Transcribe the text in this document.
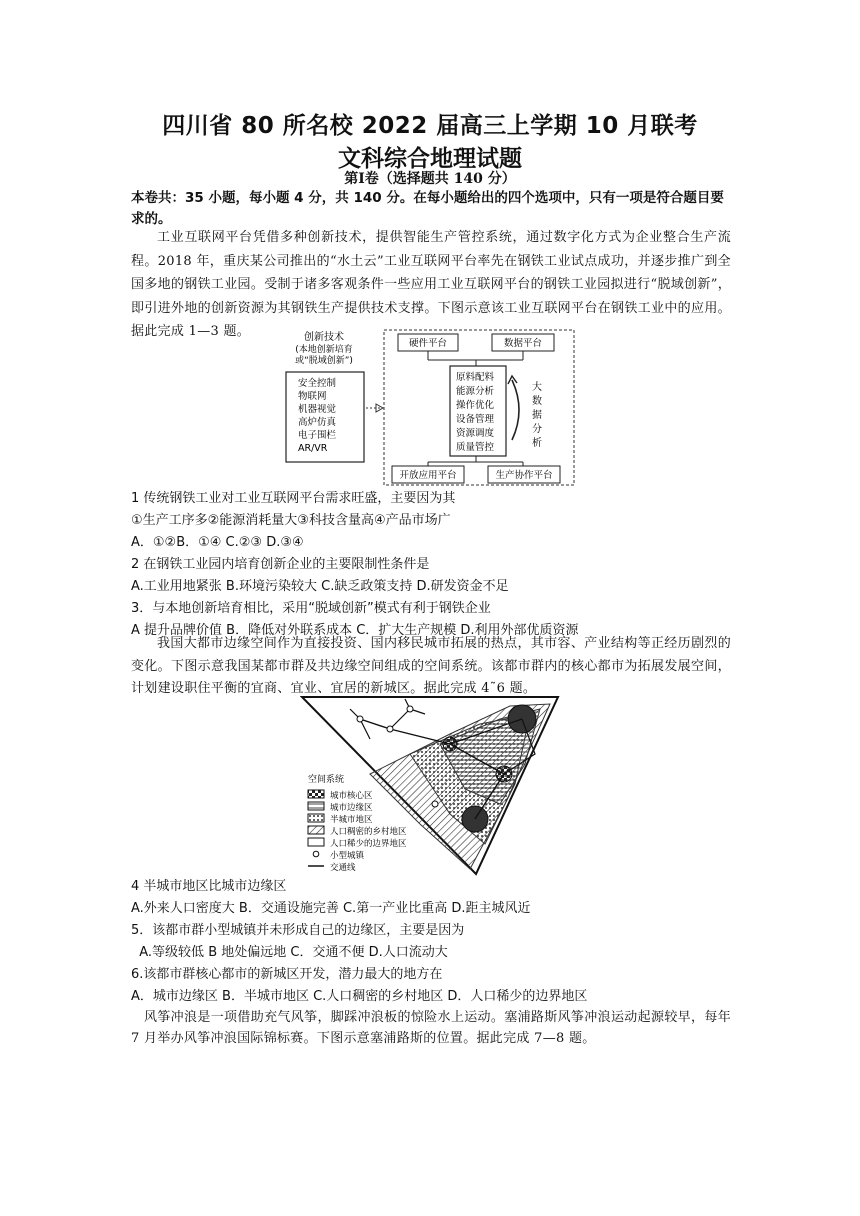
四川省 80 所名校 2022 届高三上学期 10 月联考
文科综合地理试题
第Ⅰ卷（选择题共 140 分）
本卷共：35 小题，每小题 4 分，共 140 分。在每小题给出的四个选项中，只有一项是符合题目要求的。
工业互联网平台凭借多种创新技术，提供智能生产管控系统，通过数字化方式为企业整合生产流程。2018 年，重庆某公司推出的“水土云”工业互联网平台率先在钢铁工业试点成功，并逐步推广到全国多地的钢铁工业园。受制于诸多客观条件一些应用工业互联网平台的钢铁工业园拟进行“脱域创新”，即引进外地的创新资源为其钢铁生产提供技术支撑。下图示意该工业互联网平台在钢铁工业中的应用。据此完成 1—3 题。	创新技术
(本地创新培育
或“脱域创新”)
安全控制
物联网
机器视觉
高炉仿真
电子围栏
AR/VR
硬件平台	数据平台
原料配料
能源分析
操作优化
设备管理
资源调度
质量管控
大
数
据
分
析
开放应用平台	生产协作平台
1 传统钢铁工业对工业互联网平台需求旺盛，主要因为其
①生产工序多②能源消耗量大③科技含量高④产品市场广
A．①②B．①④ C.②③ D.③④
2 在钢铁工业园内培育创新企业的主要限制性条件是
A.工业用地紧张 B.环境污染较大 C.缺乏政策支持 D.研发资金不足
3．与本地创新培育相比，采用“脱域创新”模式有利于钢铁企业
A 提升品牌价值 B．降低对外联系成本 C．扩大生产规模 D.利用外部优质资源
我国大都市边缘空间作为直接投资、国内移民城市拓展的热点，其市容、产业结构等正经历剧烈的变化。下图示意我国某都市群及共边缘空间组成的空间系统。该都市群内的核心都市为拓展发展空间，计划建设职住平衡的宜商、宜业、宜居的新城区。据此完成 4˜6 题。
空间系统
城市核心区
城市边缘区
半城市地区
人口稠密的乡村地区
人口稀少的边界地区
小型城镇
交通线
4 半城市地区比城市边缘区
A.外来人口密度大 B．交通设施完善 C.第一产业比重高 D.距主城风近
5．该都市群小型城镇并未形成自己的边缘区，主要是因为
A.等级较低 B 地处偏远地 C．交通不便 D.人口流动大
6.该都市群核心都市的新城区开发，潜力最大的地方在
A．城市边缘区 B．半城市地区 C.人口稠密的乡村地区 D．人口稀少的边界地区
风筝冲浪是一项借助充气风筝，脚踩冲浪板的惊险水上运动。塞浦路斯风筝冲浪运动起源较早，每年 7 月举办风筝冲浪国际锦标赛。下图示意塞浦路斯的位置。据此完成 7—8 题。
